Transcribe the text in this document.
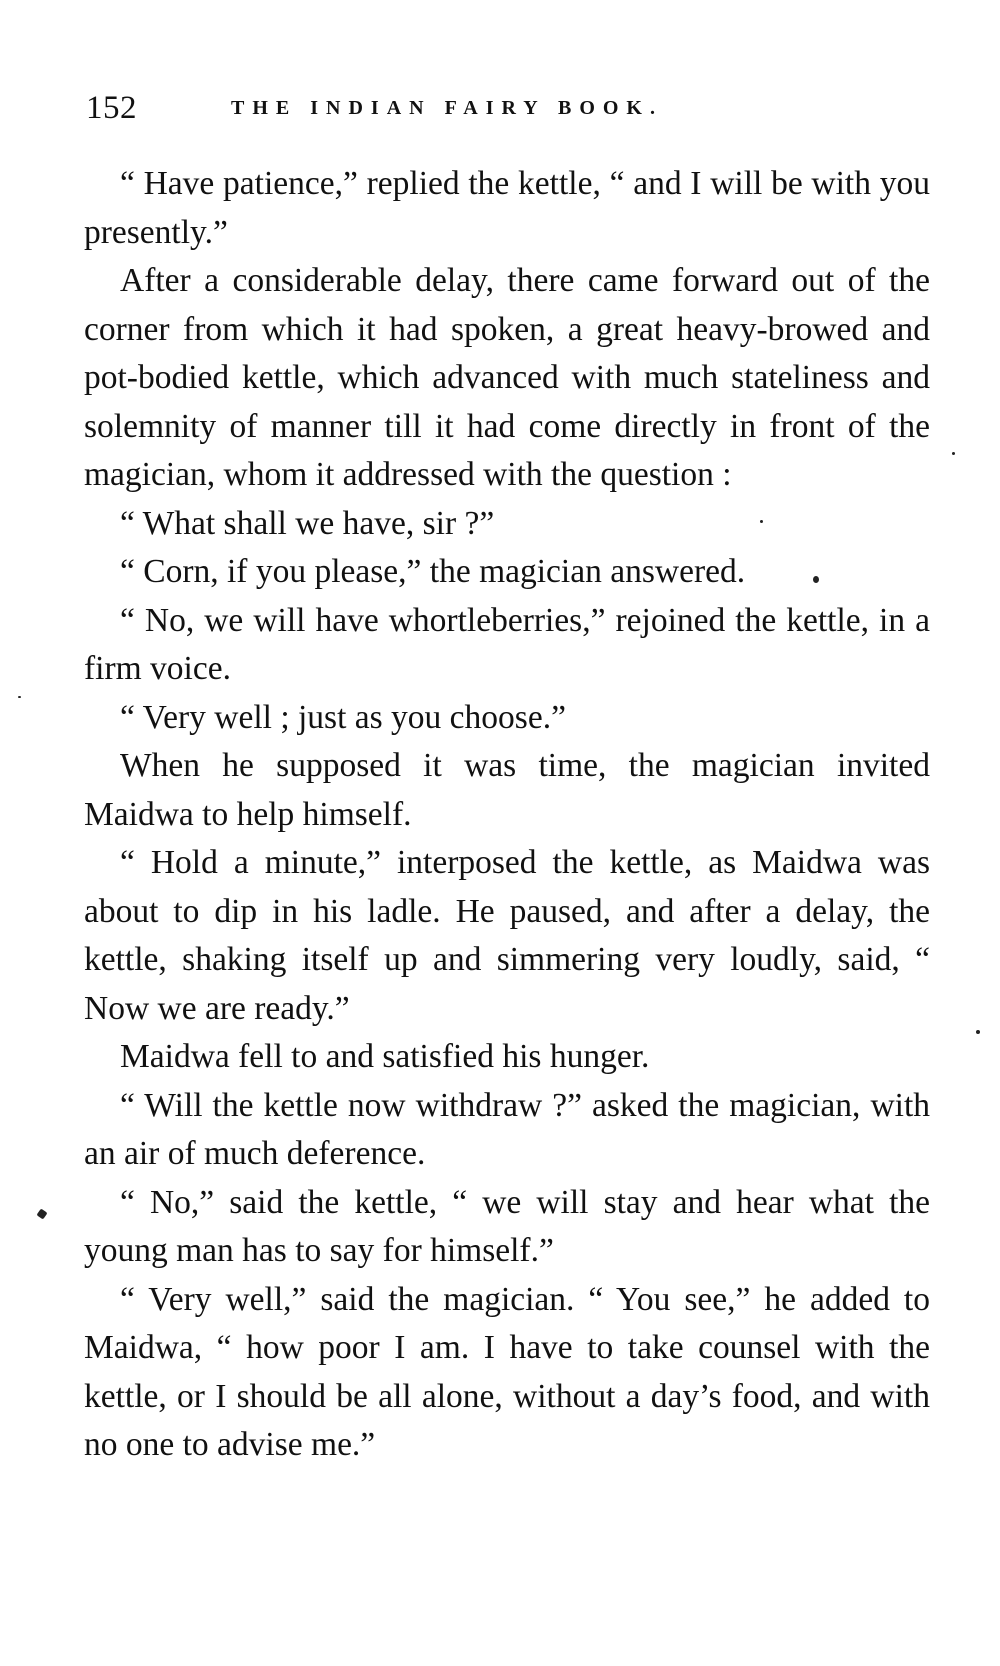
152	THE INDIAN FAIRY BOOK.

“ Have patience,” replied the kettle, “ and I will be with you presently.”

After a considerable delay, there came forward out of the corner from which it had spoken, a great heavy-browed and pot-bodied kettle, which advanced with much stateliness and solemnity of manner till it had come directly in front of the magician, whom it addressed with the question :

“ What shall we have, sir ?”

“ Corn, if you please,” the magician answered.

“ No, we will have whortleberries,” rejoined the kettle, in a firm voice.

“ Very well ; just as you choose.”

When he supposed it was time, the magician invited Maidwa to help himself.

“ Hold a minute,” interposed the kettle, as Maidwa was about to dip in his ladle. He paused, and after a delay, the kettle, shaking itself up and simmering very loudly, said, “ Now we are ready.”

Maidwa fell to and satisfied his hunger.

“ Will the kettle now withdraw ?” asked the magician, with an air of much deference.

“ No,” said the kettle, “ we will stay and hear what the young man has to say for himself.”

“ Very well,” said the magician. “ You see,” he added to Maidwa, “ how poor I am. I have to take counsel with the kettle, or I should be all alone, without a day’s food, and with no one to advise me.”
